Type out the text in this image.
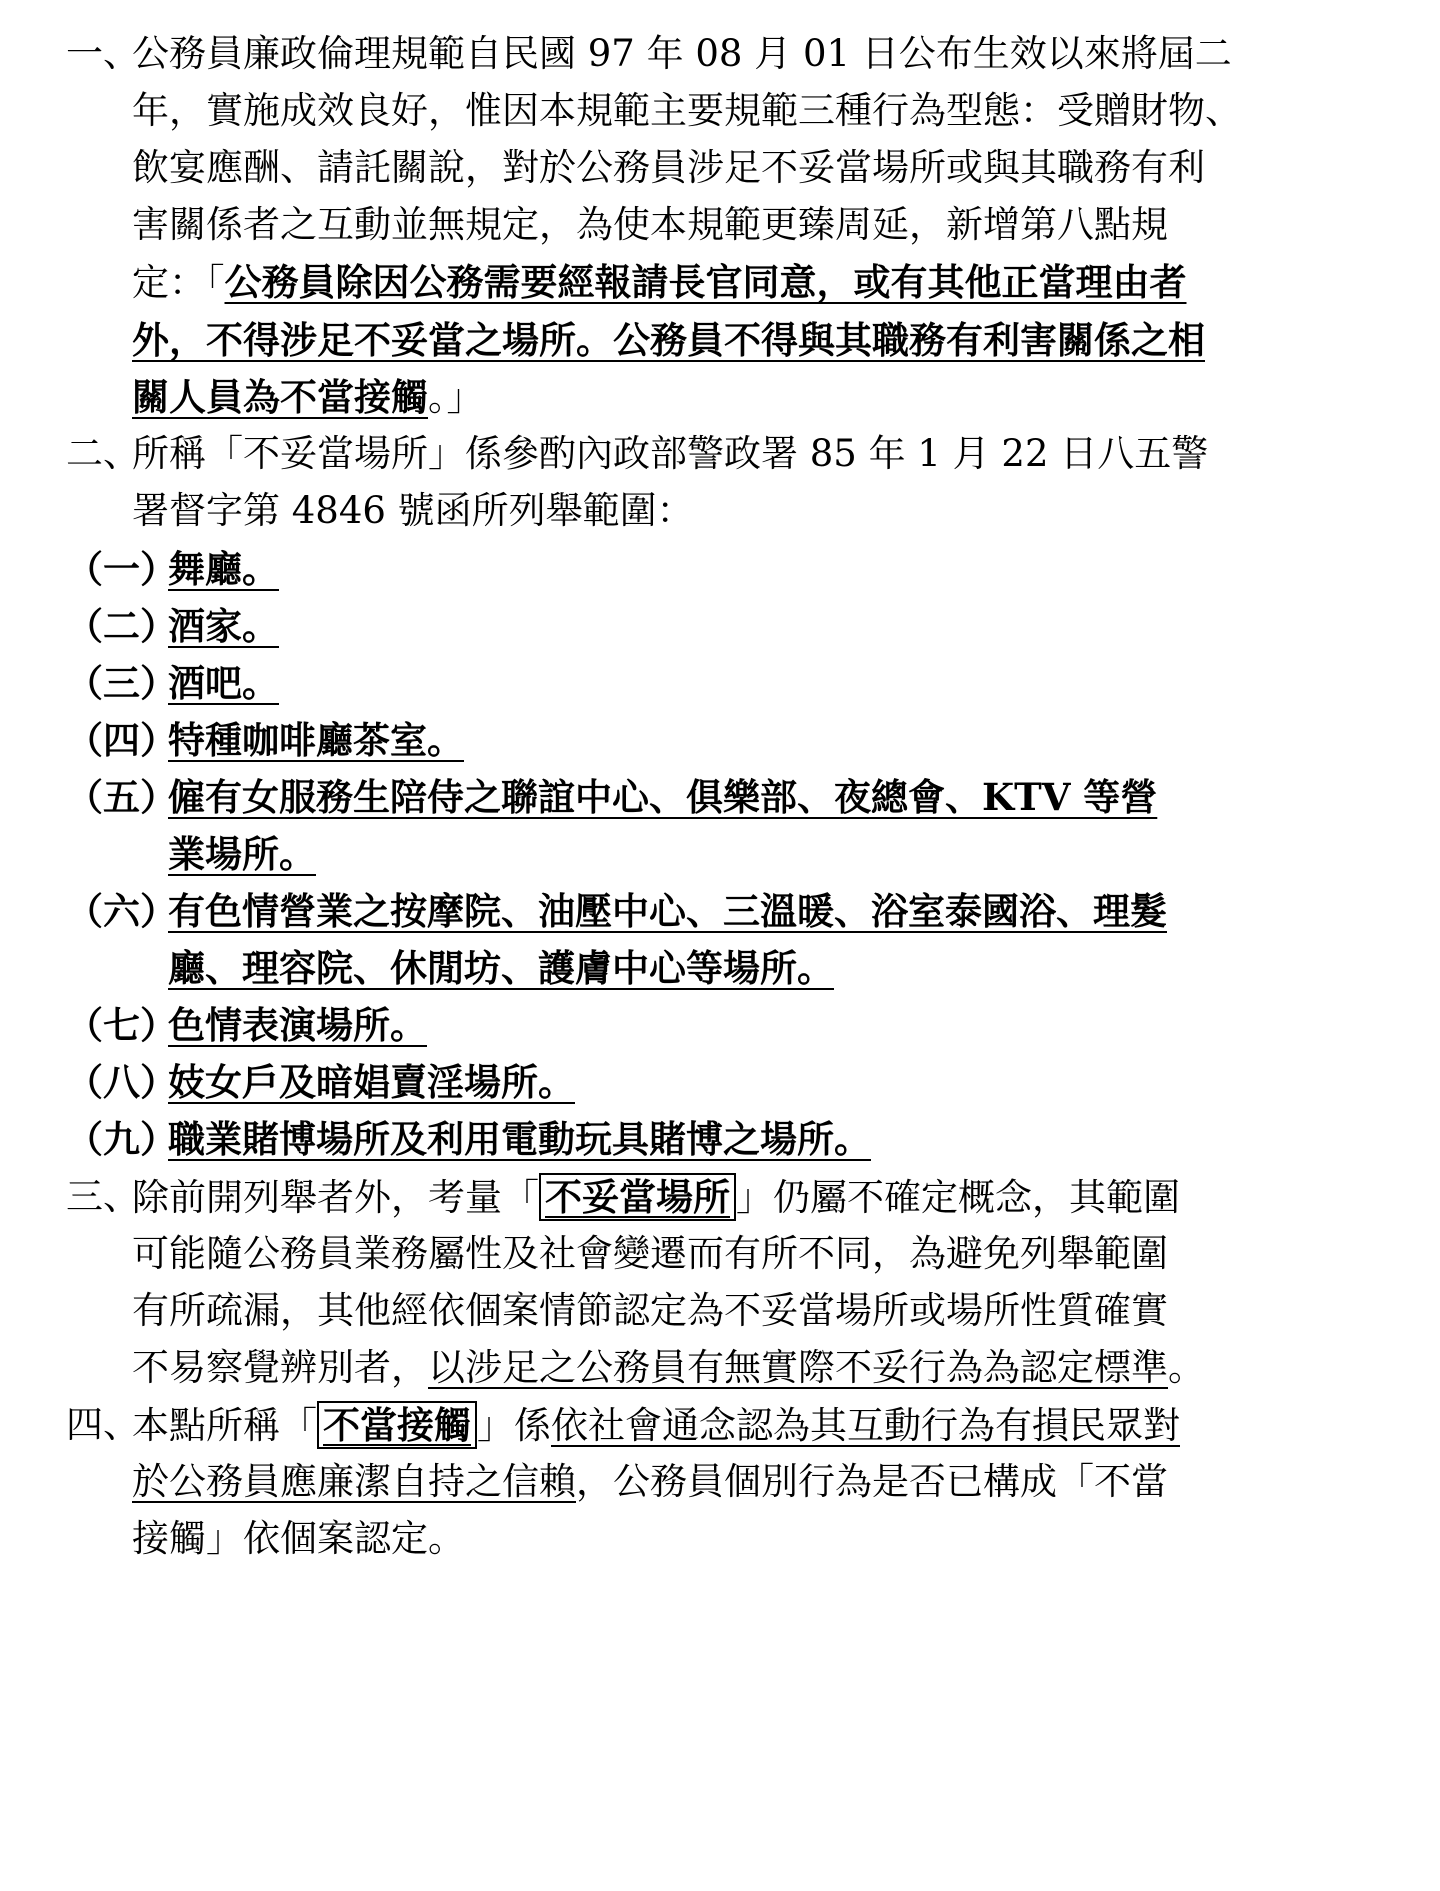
一、
公務員廉政倫理規範自民國 97 年 08 月 01 日公布生效以來將屆二
年，實施成效良好，惟因本規範主要規範三種行為型態：受贈財物、
飲宴應酬、請託關說，對於公務員涉足不妥當場所或與其職務有利
害關係者之互動並無規定，為使本規範更臻周延，新增第八點規
定：「公務員除因公務需要經報請長官同意，或有其他正當理由者
外，不得涉足不妥當之場所。公務員不得與其職務有利害關係之相
關人員為不當接觸。」
二、
所稱「不妥當場所」係參酌內政部警政署 85 年 1 月 22 日八五警
署督字第 4846 號函所列舉範圍：
（一）
舞廳。
（二）
酒家。
（三）
酒吧。
（四）
特種咖啡廳茶室。
（五）
僱有女服務生陪侍之聯誼中心、俱樂部、夜總會、KTV 等營
業場所。
（六）
有色情營業之按摩院、油壓中心、三溫暖、浴室泰國浴、理髮
廳、理容院、休閒坊、護膚中心等場所。
（七）
色情表演場所。
（八）
妓女戶及暗娼賣淫場所。
（九）
職業賭博場所及利用電動玩具賭博之場所。
三、
除前開列舉者外，考量「 不妥當場所 」仍屬不確定概念，其範圍
可能隨公務員業務屬性及社會變遷而有所不同，為避免列舉範圍
有所疏漏，其他經依個案情節認定為不妥當場所或場所性質確實
不易察覺辨別者，以涉足之公務員有無實際不妥行為為認定標準。
四、
本點所稱「 不當接觸 」係依社會通念認為其互動行為有損民眾對
於公務員應廉潔自持之信賴，公務員個別行為是否已構成「不當
接觸」依個案認定。
